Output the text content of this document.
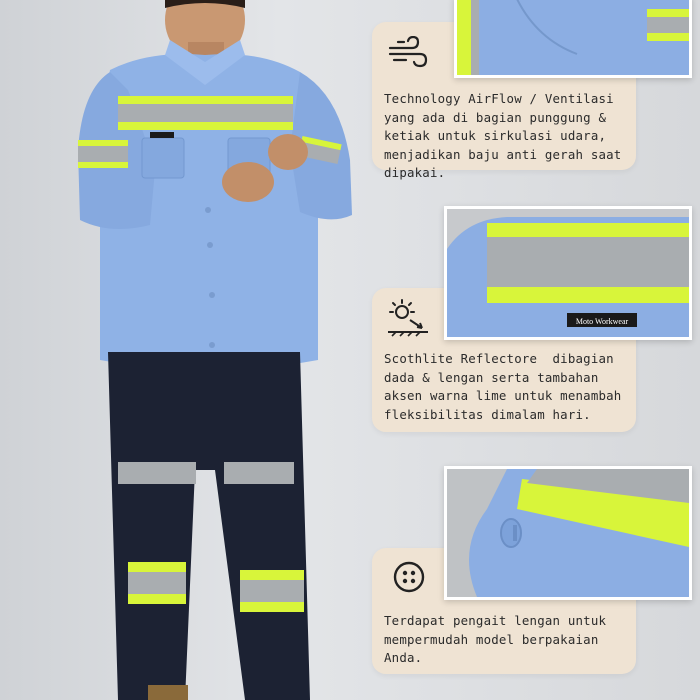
Technology AirFlow / Ventilasi yang ada di bagian punggung & ketiak untuk sirkulasi udara, menjadikan baju anti gerah saat dipakai.
Scothlite Reflectore  dibagian dada & lengan serta tambahan aksen warna lime untuk menambah fleksibilitas dimalam hari.
Moto Workwear
Terdapat pengait lengan untuk mempermudah model berpakaian Anda.
